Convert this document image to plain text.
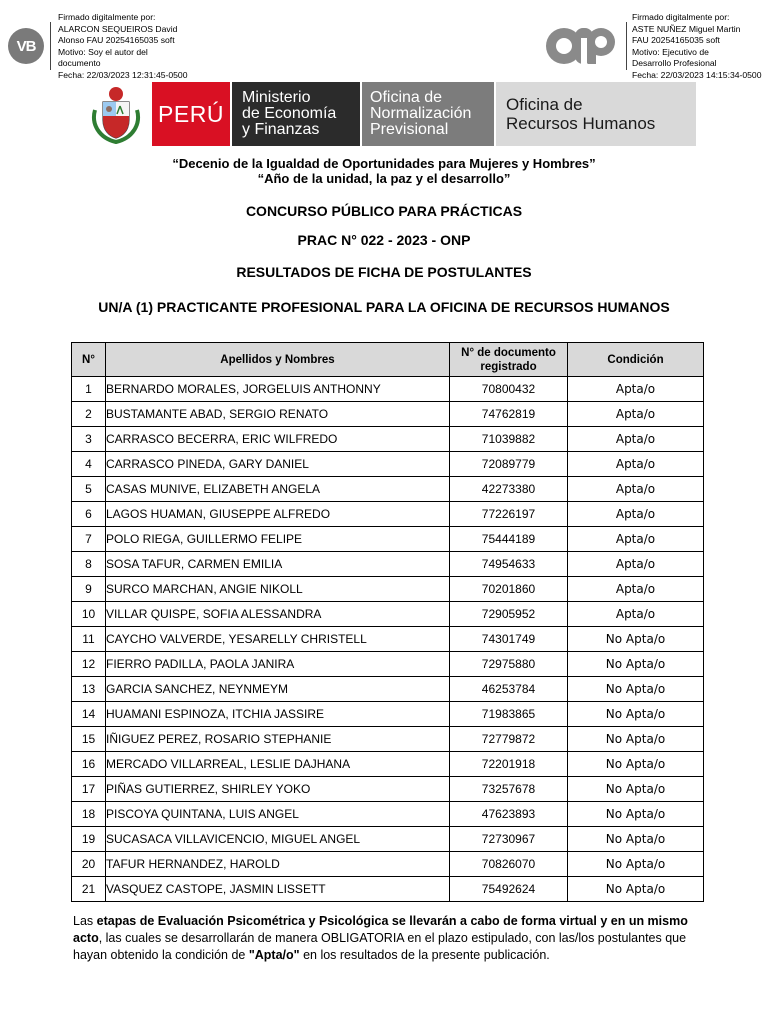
VB
Firmado digitalmente por:
ALARCON SEQUEIROS David
Alonso FAU 20254165035 soft
Motivo: Soy el autor del
documento
Fecha: 22/03/2023 12:31:45-0500
Firmado digitalmente por:
ASTE NUÑEZ Miguel Martin
FAU 20254165035 soft
Motivo: Ejecutivo de
Desarrollo Profesional
Fecha: 22/03/2023 14:15:34-0500
PERÚ
Ministerio
de Economía
y Finanzas
Oficina de
Normalización
Previsional
Oficina de
Recursos Humanos
“Decenio de la Igualdad de Oportunidades para Mujeres y Hombres”
“Año de la unidad, la paz y el desarrollo”
CONCURSO PÚBLICO PARA PRÁCTICAS
PRAC N° 022 - 2023 - ONP
RESULTADOS DE FICHA DE POSTULANTES
UN/A (1) PRACTICANTE PROFESIONAL PARA LA OFICINA DE RECURSOS HUMANOS
N°	Apellidos y Nombres	N° de documento registrado	Condición
1	BERNARDO MORALES, JORGELUIS ANTHONNY	70800432	Apta/o
2	BUSTAMANTE ABAD, SERGIO RENATO	74762819	Apta/o
3	CARRASCO BECERRA, ERIC WILFREDO	71039882	Apta/o
4	CARRASCO PINEDA, GARY DANIEL	72089779	Apta/o
5	CASAS MUNIVE, ELIZABETH ANGELA	42273380	Apta/o
6	LAGOS HUAMAN, GIUSEPPE ALFREDO	77226197	Apta/o
7	POLO RIEGA, GUILLERMO FELIPE	75444189	Apta/o
8	SOSA TAFUR, CARMEN EMILIA	74954633	Apta/o
9	SURCO MARCHAN, ANGIE NIKOLL	70201860	Apta/o
10	VILLAR QUISPE, SOFIA ALESSANDRA	72905952	Apta/o
11	CAYCHO VALVERDE, YESARELLY CHRISTELL	74301749	No Apta/o
12	FIERRO PADILLA, PAOLA JANIRA	72975880	No Apta/o
13	GARCIA SANCHEZ, NEYNMEYM	46253784	No Apta/o
14	HUAMANI ESPINOZA, ITCHIA JASSIRE	71983865	No Apta/o
15	IÑIGUEZ PEREZ, ROSARIO STEPHANIE	72779872	No Apta/o
16	MERCADO VILLARREAL, LESLIE DAJHANA	72201918	No Apta/o
17	PIÑAS GUTIERREZ, SHIRLEY YOKO	73257678	No Apta/o
18	PISCOYA QUINTANA, LUIS ANGEL	47623893	No Apta/o
19	SUCASACA VILLAVICENCIO, MIGUEL ANGEL	72730967	No Apta/o
20	TAFUR HERNANDEZ, HAROLD	70826070	No Apta/o
21	VASQUEZ CASTOPE, JASMIN LISSETT	75492624	No Apta/o
Las etapas de Evaluación Psicométrica y Psicológica se llevarán a cabo de forma virtual y en un mismo acto, las cuales se desarrollarán de manera OBLIGATORIA en el plazo estipulado, con las/los postulantes que hayan obtenido la condición de "Apta/o" en los resultados de la presente publicación.
